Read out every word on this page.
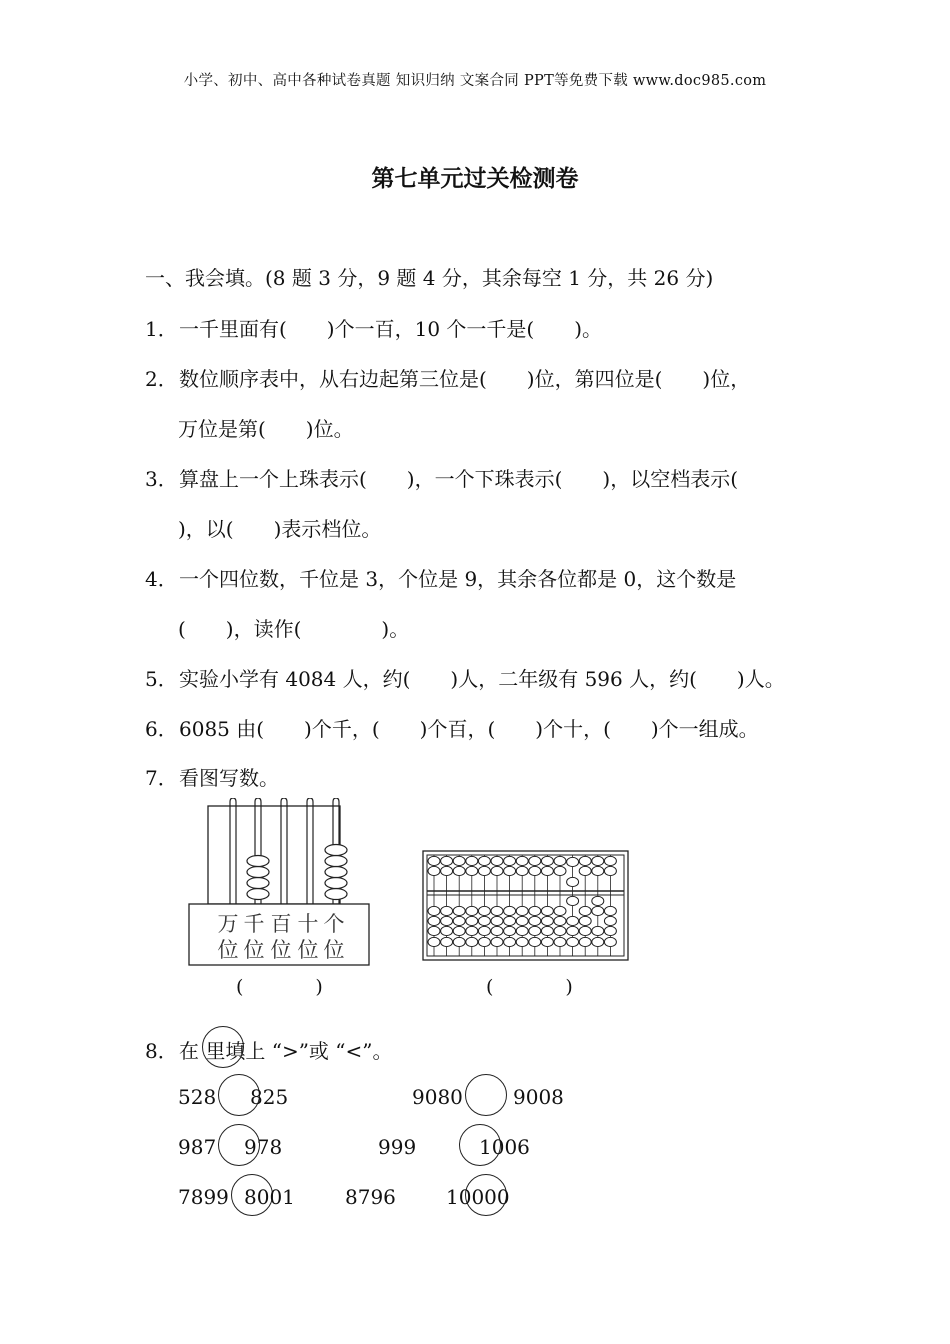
小学、初中、高中各种试卷真题 知识归纳 文案合同 PPT等免费下载 www.doc985.com
第七单元过关检测卷
一、我会填。(8 题 3 分，9 题 4 分，其余每空 1 分，共 26 分)
1．一千里面有(　　)个一百，10 个一千是(　　)。
2．数位顺序表中，从右边起第三位是(　　)位，第四位是(　　)位，
万位是第(　　)位。
3．算盘上一个上珠表示(　　)，一个下珠表示(　　)，以空档表示(
)，以(　　)表示档位。
4．一个四位数，千位是 3，个位是 9，其余各位都是 0，这个数是
(　　)，读作(　　　　)。
5．实验小学有 4084 人，约(　　)人，二年级有 596 人，约(　　)人。
6．6085 由(　　)个千，(　　)个百，(　　)个十，(　　)个一组成。
7．看图写数。
万 千 百 十 个
位 位 位 位 位
(	)	(	)
8．在 里填上 “>”或 “<”。
528 825	9080	9008
987 978	999	1006
7899 8001	8796	10000
